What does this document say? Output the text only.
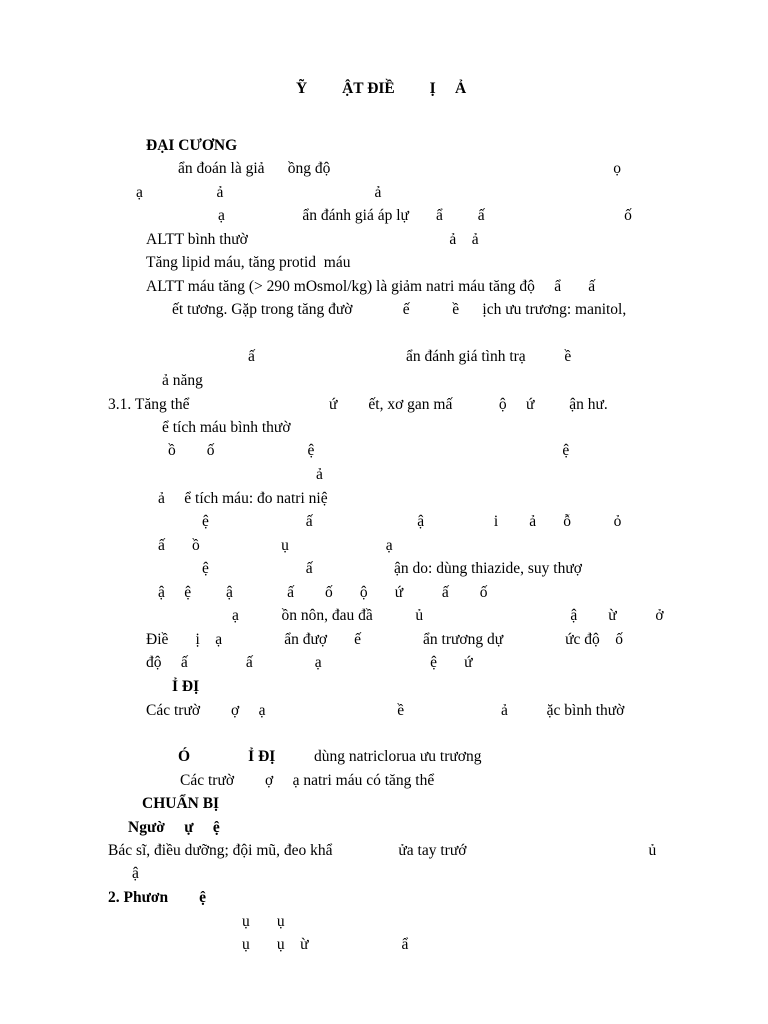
Ỹ         ẬT ĐIỀ         Ị     Ả
ĐẠI CƯƠNG
ẩn đoán là giả      ồng độ                                                                         ọ
ạ                   ả                                       ả
ạ                    ẩn đánh giá áp lự       ẩ         ấ                                    ố
ALTT bình thườ                                                    ả    ả
Tăng lipid máu, tăng protid  máu
ALTT máu tăng (> 290 mOsmol/kg) là giảm natri máu tăng độ     ẩ       ấ
ết tương. Gặp trong tăng đườ             ế           ề      ịch ưu trương: manitol,
ấ                                       ẩn đánh giá tình trạ          ề
ả năng
3.1. Tăng thể                                    ứ        ết, xơ gan mấ            ộ     ứ         ận hư.
ể tích máu bình thườ
ồ        ố                        ệ                                                                ệ
ả
ả     ể tích máu: đo natri niệ
ệ                         ấ                           ậ                  i        ả       ỗ           ỏ
ấ       ồ                     ụ                         ạ
ệ                         ấ                     ận do: dùng thiazide, suy thượ
ậ     ệ         ậ              ấ        ố       ộ       ứ          ấ        ố
ạ           ồn nôn, đau đầ           ủ                                      ậ        ừ          ở
Điề       ị    ạ                ẩn đượ       ế                ẩn trương dự                ức độ    ố
độ     ấ               ấ                ạ                            ệ       ứ
Ỉ ĐỊ
Các trườ        ợ     ạ                                  ề                         ả          ặc bình thườ
Ó               Ỉ ĐỊ dùng natriclorua ưu trương
Các trườ        ợ     ạ natri máu có tăng thể
CHUẨN BỊ
Ngườ     ự     ệ
Bác sĩ, điều dưỡng; đội mũ, đeo khẩ                 ửa tay trướ                                               ủ
ậ
2. Phươn        ệ
ụ       ụ
ụ       ụ    ừ                        ẩ
